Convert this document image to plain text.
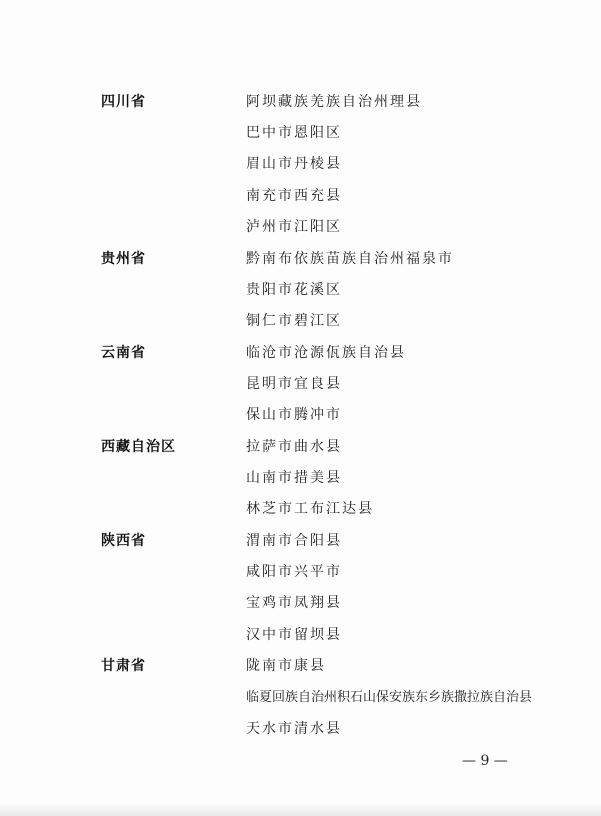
四川省	阿坝藏族羌族自治州理县
巴中市恩阳区
眉山市丹棱县
南充市西充县
泸州市江阳区
贵州省	黔南布依族苗族自治州福泉市
贵阳市花溪区
铜仁市碧江区
云南省	临沧市沧源佤族自治县
昆明市宜良县
保山市腾冲市
西藏自治区	拉萨市曲水县
山南市措美县
林芝市工布江达县
陕西省	渭南市合阳县
咸阳市兴平市
宝鸡市凤翔县
汉中市留坝县
甘肃省	陇南市康县
临夏回族自治州积石山保安族东乡族撒拉族自治县
天水市清水县
— 9 —
